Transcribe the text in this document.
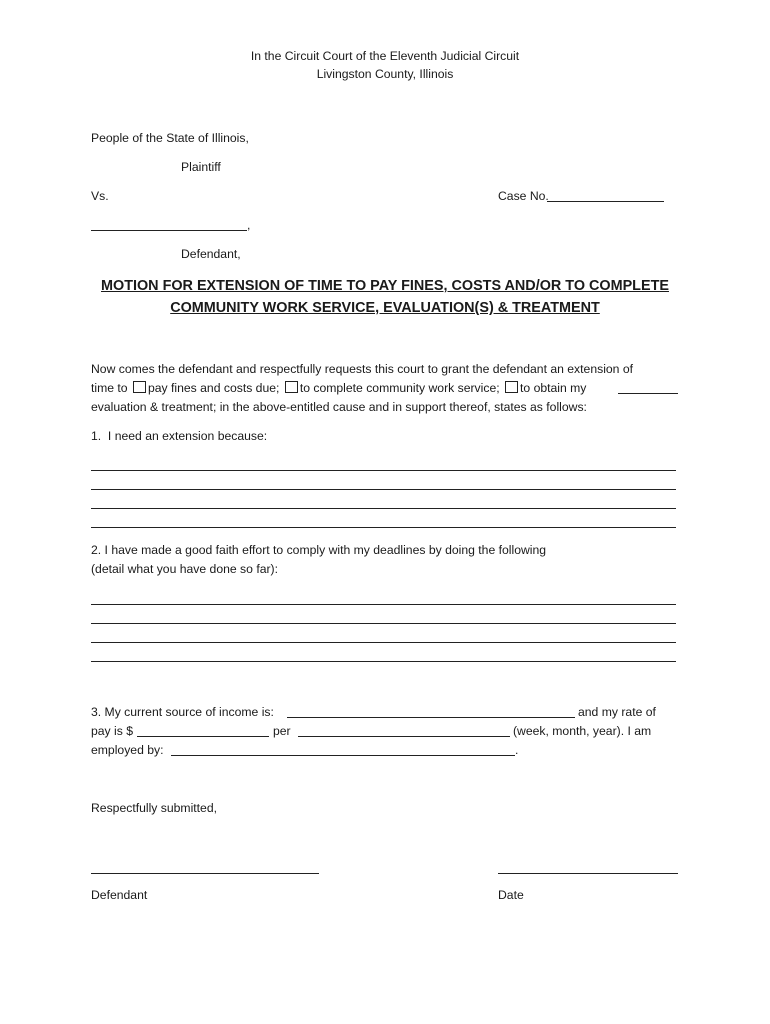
In the Circuit Court of the Eleventh Judicial Circuit
Livingston County, Illinois
People of the State of Illinois,
Plaintiff
Vs.	Case No.
,
Defendant,
MOTION FOR EXTENSION OF TIME TO PAY FINES, COSTS AND/OR TO COMPLETE
COMMUNITY WORK SERVICE, EVALUATION(S) & TREATMENT
Now comes the defendant and respectfully requests this court to grant the defendant an extension of
time to pay fines and costs due; to complete community work service; to obtain my
evaluation & treatment; in the above-entitled cause and in support thereof, states as follows:
1.  I need an extension because:
2. I have made a good faith effort to comply with my deadlines by doing the following
(detail what you have done so far):
3. My current source of income is:	and my rate of
pay is $	per	(week, month, year). I am
employed by:	.
Respectfully submitted,
Defendant	Date
